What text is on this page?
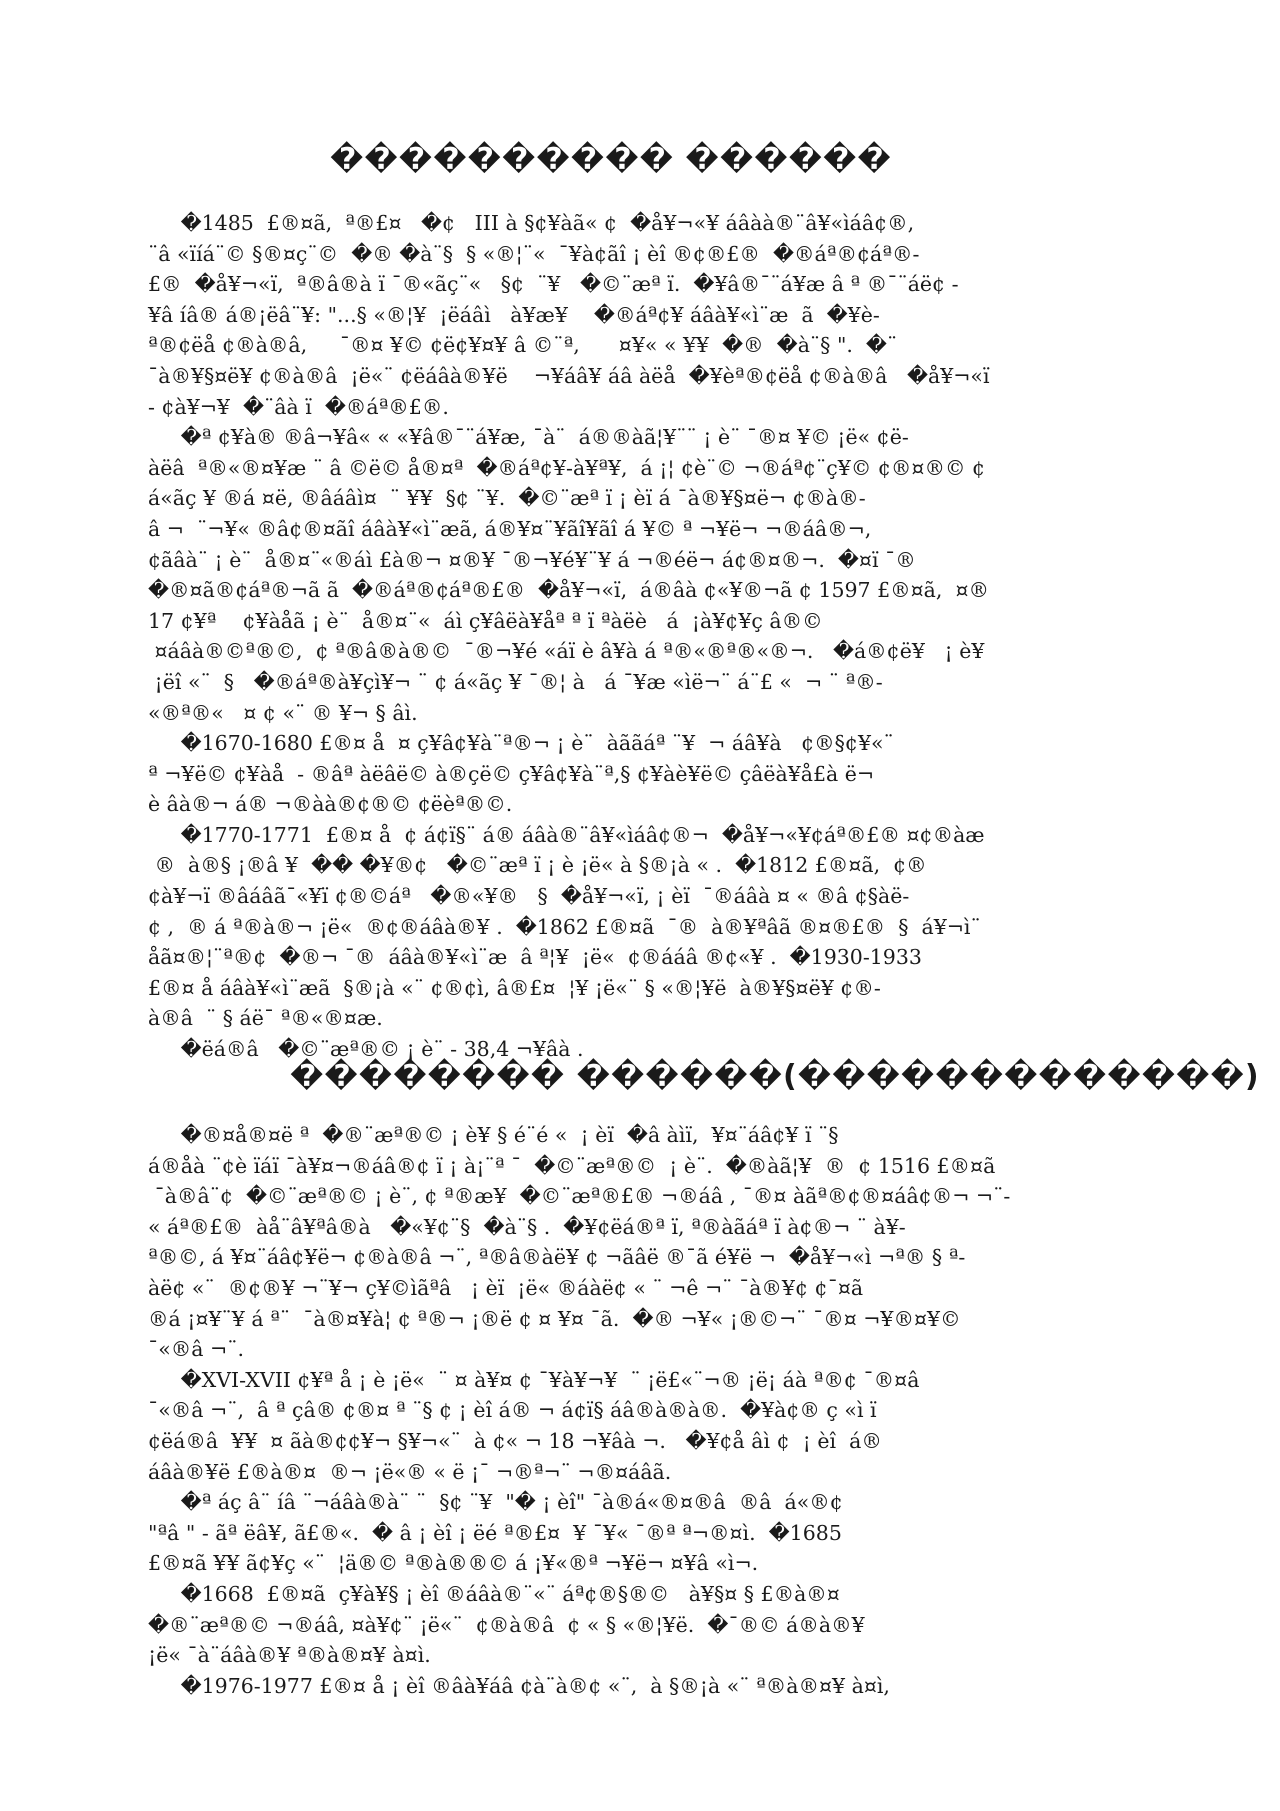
���������� ������

�1485  £®¤ã,  ª®£¤   �¢   III à §¢¥àã« ¢  �å¥¬«¥ áâàà®¨â¥«ìáâ¢®,
¨â «ïíá¨© §®¤ç¨©  �® �à¨§  § «®¦¨«  ¯¥à¢ãî ¡ èî ®¢®£®  �®áª®¢áª®-
£®  �å¥¬«ï,  ª®â®à ï ¯®«ãç¨«   §¢  ¨¥   �©¨æª ï.  �¥â®¯¨á¥æ â ª ®¯¨áë¢ -
¥â íâ® á®¡ëâ¨¥: "...§ «®¦¥  ¡ëáâì   à¥æ¥    �®áª¢¥ áâà¥«ì¨æ  ã  �¥è-
ª®¢ëå ¢®à®â,     ¯®¤ ¥© ¢ë¢¥¤¥ â ©¨ª,      ¤¥« « ¥¥  �®  �à¨§ ".  �¨
¯à®¥§¤ë¥ ¢®à®â  ¡ë«¨ ¢ëáâà®¥ë    ¬¥áâ¥ áâ àëå  �¥èª®¢ëå ¢®à®â   �å¥¬«ï
- ¢à¥¬¥  �¨âà ï  �®áª®£®.

�ª ¢¥à® ®â¬¥â« « «¥â®¯¨á¥æ, ¯à¨  á®®àã¦¥¨¨ ¡ è¨ ¯®¤ ¥© ¡ë« ¢ë-
àëâ  ª®«®¤¥æ ¨ â ©ë© å®¤ª  �®áª¢¥-à¥ª¥,  á ¡¦ ¢è¨© ¬®áª¢¨ç¥© ¢®¤®© ¢
á«ãç ¥ ®á ¤ë, ®âáâì¤  ¨ ¥¥  §¢ ¨¥.  �©¨æª ï ¡ èï á ¯à®¥§¤ë¬ ¢®à®-
â ¬  ¨¬¥« ®â¢®¤ãî áâà¥«ì¨æã, á®¥¤¨¥ãî¥ãî á ¥© ª ¬¥ë¬ ¬®áâ®¬,
¢ãâà¨ ¡ è¨  å®¤¨«®áì £à®¬ ¤®¥ ¯®¬¥é¥¨¥ á ¬®éë¬ á¢®¤®¬.  �¤ï ¯®
�®¤ã®¢áª®¬ã ã  �®áª®¢áª®£®  �å¥¬«ï,  á®âà ¢«¥®¬ã ¢ 1597 £®¤ã,  ¤®
17 ¢¥ª    ¢¥àåã ¡ è¨  å®¤¨«  áì ç¥âëà¥åª ª ï ªàëè   á  ¡à¥¢¥ç â®©
¤áâà®©ª®©,  ¢ ª®â®à®©  ¯®¬¥é «áï è â¥à á ª®«®ª®«®¬.   �á®¢ë¥   ¡ è¥
¡ëî «¨  §   �®áª®à¥çì¥¬ ¨ ¢ á«ãç ¥ ¯®¦ à   á ¯¥æ «ìë¬¨ á¨£ «  ¬ ¨ ª®-
«®ª®«   ¤ ¢ «¨ ® ¥¬ § âì.

�1670-1680 £®¤ å  ¤ ç¥â¢¥à¨ª®¬ ¡ è¨  àããáª ¨¥  ¬ áâ¥à   ¢®§¢¥«¨
ª ¬¥ë© ¢¥àå  - ®âª àëâë© à®çë© ç¥â¢¥à¨ª,§ ¢¥àè¥ë© çâëà¥å£à ë¬
è âà®¬ á® ¬®àà®¢®© ¢ëèª®©.

�1770-1771  £®¤ å  ¢ á¢ï§¨ á® áâà®¨â¥«ìáâ¢®¬  �å¥¬«¥¢áª®£® ¤¢®àæ
®  à®§ ¡®â ¥  �� �¥®¢   �©¨æª ï ¡ è ¡ë« à §®¡à « .  �1812 £®¤ã,  ¢®
¢à¥¬ï ®âáâã¯«¥ï ¢®©áª   �®«¥®   §  �å¥¬«ï, ¡ èï  ¯®áâà ¤ « ®â ¢§àë-
¢ ,  ® á ª®à®¬ ¡ë«  ®¢®áâà®¥ .  �1862 £®¤ã  ¯®  à®¥ªâã ®¤®£®  §  á¥¬ì¨
åã¤®¦¨ª®¢  �®¬ ¯®  áâà®¥«ì¨æ  â ª¦¥  ¡ë«  ¢®ááâ ®¢«¥ .  �1930-1933
£®¤ å áâà¥«ì¨æã  §®¡à «¨ ¢®¢ì, â®£¤  ¦¥ ¡ë«¨ § «®¦¥ë  à®¥§¤ë¥ ¢®-
à®â  ¨ § áë¯ ª®«®¤æ.

�ëá®â   �©¨æª®© ¡ è¨ - 38,4 ¬¥âà .

�������� ������(�������������)

�®¤å®¤ë ª  �®¨æª®© ¡ è¥ § é¨é «  ¡ èï  �â àìï,  ¥¤¨áâ¢¥ ï ¨§
á®åà ¨¢è ïáï ¯à¥¤¬®áâ®¢ ï ¡ à¡¨ª ¯  �©¨æª®©  ¡ è¨.  �®àã¦¥  ®  ¢ 1516 £®¤ã
¯à®â¨¢  �©¨æª®© ¡ è¨, ¢ ª®æ¥  �©¨æª®£® ¬®áâ , ¯®¤ àãª®¢®¤áâ¢®¬ ¬¨-
« áª®£®  àå¨â¥ªâ®à   �«¥¢¨§  �à¨§ .  �¥¢ëá®ª ï, ª®àãáª ï à¢®¬ ¨ à¥-
ª®©, á ¥¤¨áâ¢¥ë¬ ¢®à®â ¬¨, ª®â®àë¥ ¢ ¬ãâë ®¯ã é¥ë ¬  �å¥¬«ì ¬ª® § ª-
àë¢ «¨  ®¢®¥ ¬¨¥¬ ç¥©ìãªâ   ¡ èï  ¡ë« ®áàë¢ « ¨ ¬ê ¬¨ ¯à®¥¢ ¢¯¤ã
®á ¡¤¥¨¥ á ª¨  ¯à®¤¥à¦ ¢ ª®¬ ¡®ë ¢ ¤ ¥¤ ¯ã.  �® ¬¥« ¡®©¬¨ ¯®¤ ¬¥®¤¥©
¯«®â ¬¨.

�XVI-XVII ¢¥ª å ¡ è ¡ë«  ¨ ¤ à¥¤ ¢ ¯¥à¥¬¥  ¨ ¡ë£«¨¬® ¡ë¡ áà ª®¢ ¯®¤â
¯«®â ¬¨,  â ª çâ® ¢®¤ ª ¨§ ¢ ¡ èî á® ¬ á¢ï§ áâ®à®à®.  �¥à¢® ç «ì ï
¢ëá®â  ¥¥  ¤ ãà®¢¢¥¬ §¥¬«¨  à ¢« ¬ 18 ¬¥âà ¬.   �¥¢å âì ¢  ¡ èî  á®
áâà®¥ë £®à®¤  ®¬ ¡ë«® « ë ¡¯ ¬®ª¬¨ ¬®¤áâã.

�ª áç â¨ íâ ¨¬áâà®à¨ ¨  §¢ ¨¥  "� ¡ èî" ¯à®á«®¤®â  ®â  á«®¢
"ªâ " - ãª ëâ¥, ã£®«.  � â ¡ èî ¡ ëé ª®£¤  ¥ ¯¥« ¯®ª ª¬®¤ì.  �1685
£®¤ã ¥¥ ã¢¥ç «¨  ¦ä®© ª®à®®© á ¡¥«®ª ¬¥ë¬ ¤¥â «ì¬.

�1668  £®¤ã  ç¥à¥§ ¡ èî ®áâà®¨«¨ áª¢®§®©   à¥§¤ § £®à®¤
�®¨æª®© ¬®áâ, ¤à¥¢¨ ¡ë«¨  ¢®à®â  ¢ « § «®¦¥ë.  �¯®© á®à®¥
¡ë« ¯à¨áâà®¥ ª®à®¤¥ à¤ì.

�1976-1977 £®¤ å ¡ èî ®âà¥áâ ¢à¨à®¢ «¨,  à §®¡à «¨ ª®à®¤¥ à¤ì,
